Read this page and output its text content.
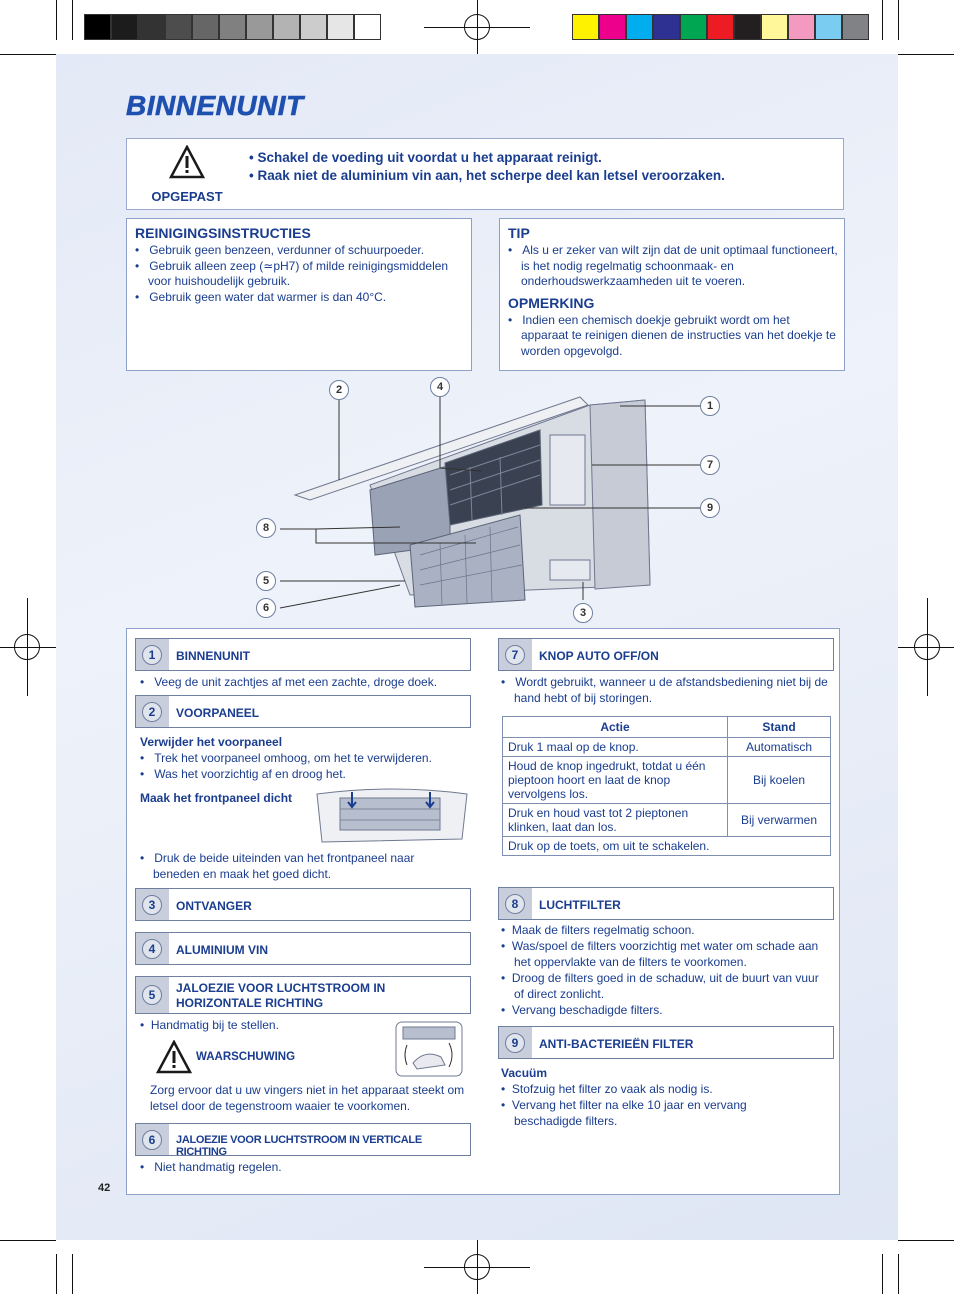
BINNENUNIT
OPGEPAST
• Schakel de voeding uit voordat u het apparaat reinigt.
• Raak niet de aluminium vin aan, het scherpe deel kan letsel veroorzaken.
REINIGINGSINSTRUCTIES
•   Gebruik geen benzeen, verdunner of schuurpoeder.
•   Gebruik alleen zeep (≃pH7) of milde reinigingsmiddelen voor huishoudelijk gebruik.
•   Gebruik geen water dat warmer is dan 40°C.
TIP
•   Als u er zeker van wilt zijn dat de unit optimaal functioneert, is het nodig regelmatig schoonmaak- en onderhoudswerkzaamheden uit te voeren.
OPMERKING
•   Indien een chemisch doekje gebruikt wordt om het apparaat te reinigen dienen de instructies van het doekje te worden opgevolgd.
1
2
3
4
5
6
7
8
9
1	BINNENUNIT
•   Veeg de unit zachtjes af met een zachte, droge doek.
2	VOORPANEEL
Verwijder het voorpaneel
•   Trek het voorpaneel omhoog, om het te verwijderen.
•   Was het voorzichtig af en droog het.
Maak het frontpaneel dicht
•   Druk de beide uiteinden van het frontpaneel naar beneden en maak het goed dicht.
3	ONTVANGER
4	ALUMINIUM VIN
5	JALOEZIE VOOR LUCHTSTROOM IN
HORIZONTALE RICHTING
•  Handmatig bij te stellen.
WAARSCHUWING
Zorg ervoor dat u uw vingers niet in het apparaat steekt om letsel door de tegenstroom waaier te voorkomen.
6	JALOEZIE VOOR LUCHTSTROOM IN VERTICALE RICHTING
•   Niet handmatig regelen.
42
7	KNOP AUTO OFF/ON
•   Wordt gebruikt, wanneer u de afstandsbediening niet bij de hand hebt of bij storingen.
Actie	Stand
Druk 1 maal op de knop.	Automatisch
Houd de knop ingedrukt, totdat u één pieptoon hoort en laat de knop vervolgens los.	Bij koelen
Druk en houd vast tot 2 pieptonen klinken, laat dan los.	Bij verwarmen
Druk op de toets, om uit te schakelen.	
8	LUCHTFILTER
•  Maak de filters regelmatig schoon.
•  Was/spoel de filters voorzichtig met water om schade aan het oppervlakte van de filters te voorkomen.
•  Droog de filters goed in de schaduw, uit de buurt van vuur of direct zonlicht.
•  Vervang beschadigde filters.
9	ANTI-BACTERIEËN FILTER
Vacuüm
•  Stofzuig het filter zo vaak als nodig is.
•  Vervang het filter na elke 10 jaar en vervang beschadigde filters.
